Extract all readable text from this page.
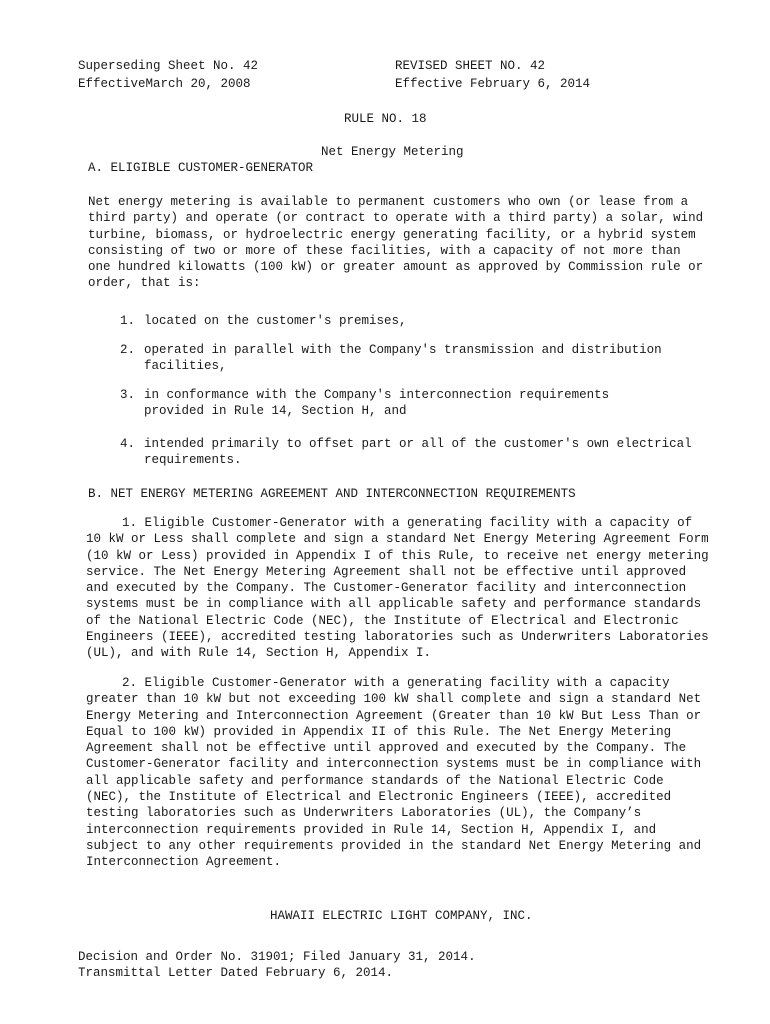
Superseding Sheet No. 42
EffectiveMarch 20, 2008
REVISED SHEET NO. 42
Effective February 6, 2014
RULE NO. 18
Net Energy Metering
A. ELIGIBLE CUSTOMER-GENERATOR
Net energy metering is available to permanent customers who own (or lease from a third party) and operate (or contract to operate with a third party) a solar, wind turbine, biomass, or hydroelectric energy generating facility, or a hybrid system consisting of two or more of these facilities, with a capacity of not more than one hundred kilowatts (100 kW) or greater amount as approved by Commission rule or order, that is:
1. located on the customer's premises,
2. operated in parallel with the Company's transmission and distribution facilities,
3. in conformance with the Company's interconnection requirements provided in Rule 14, Section H, and
4. intended primarily to offset part or all of the customer's own electrical requirements.
B. NET ENERGY METERING AGREEMENT AND INTERCONNECTION REQUIREMENTS
1. Eligible Customer-Generator with a generating facility with a capacity of 10 kW or Less shall complete and sign a standard Net Energy Metering Agreement Form (10 kW or Less) provided in Appendix I of this Rule, to receive net energy metering service. The Net Energy Metering Agreement shall not be effective until approved and executed by the Company. The Customer-Generator facility and interconnection systems must be in compliance with all applicable safety and performance standards of the National Electric Code (NEC), the Institute of Electrical and Electronic Engineers (IEEE), accredited testing laboratories such as Underwriters Laboratories (UL), and with Rule 14, Section H, Appendix I.
2. Eligible Customer-Generator with a generating facility with a capacity greater than 10 kW but not exceeding 100 kW shall complete and sign a standard Net Energy Metering and Interconnection Agreement (Greater than 10 kW But Less Than or Equal to 100 kW) provided in Appendix II of this Rule. The Net Energy Metering Agreement shall not be effective until approved and executed by the Company. The Customer-Generator facility and interconnection systems must be in compliance with all applicable safety and performance standards of the National Electric Code (NEC), the Institute of Electrical and Electronic Engineers (IEEE), accredited testing laboratories such as Underwriters Laboratories (UL), the Company’s interconnection requirements provided in Rule 14, Section H, Appendix I, and subject to any other requirements provided in the standard Net Energy Metering and Interconnection Agreement.
HAWAII ELECTRIC LIGHT COMPANY, INC.
Decision and Order No. 31901; Filed January 31, 2014.
Transmittal Letter Dated February 6, 2014.
